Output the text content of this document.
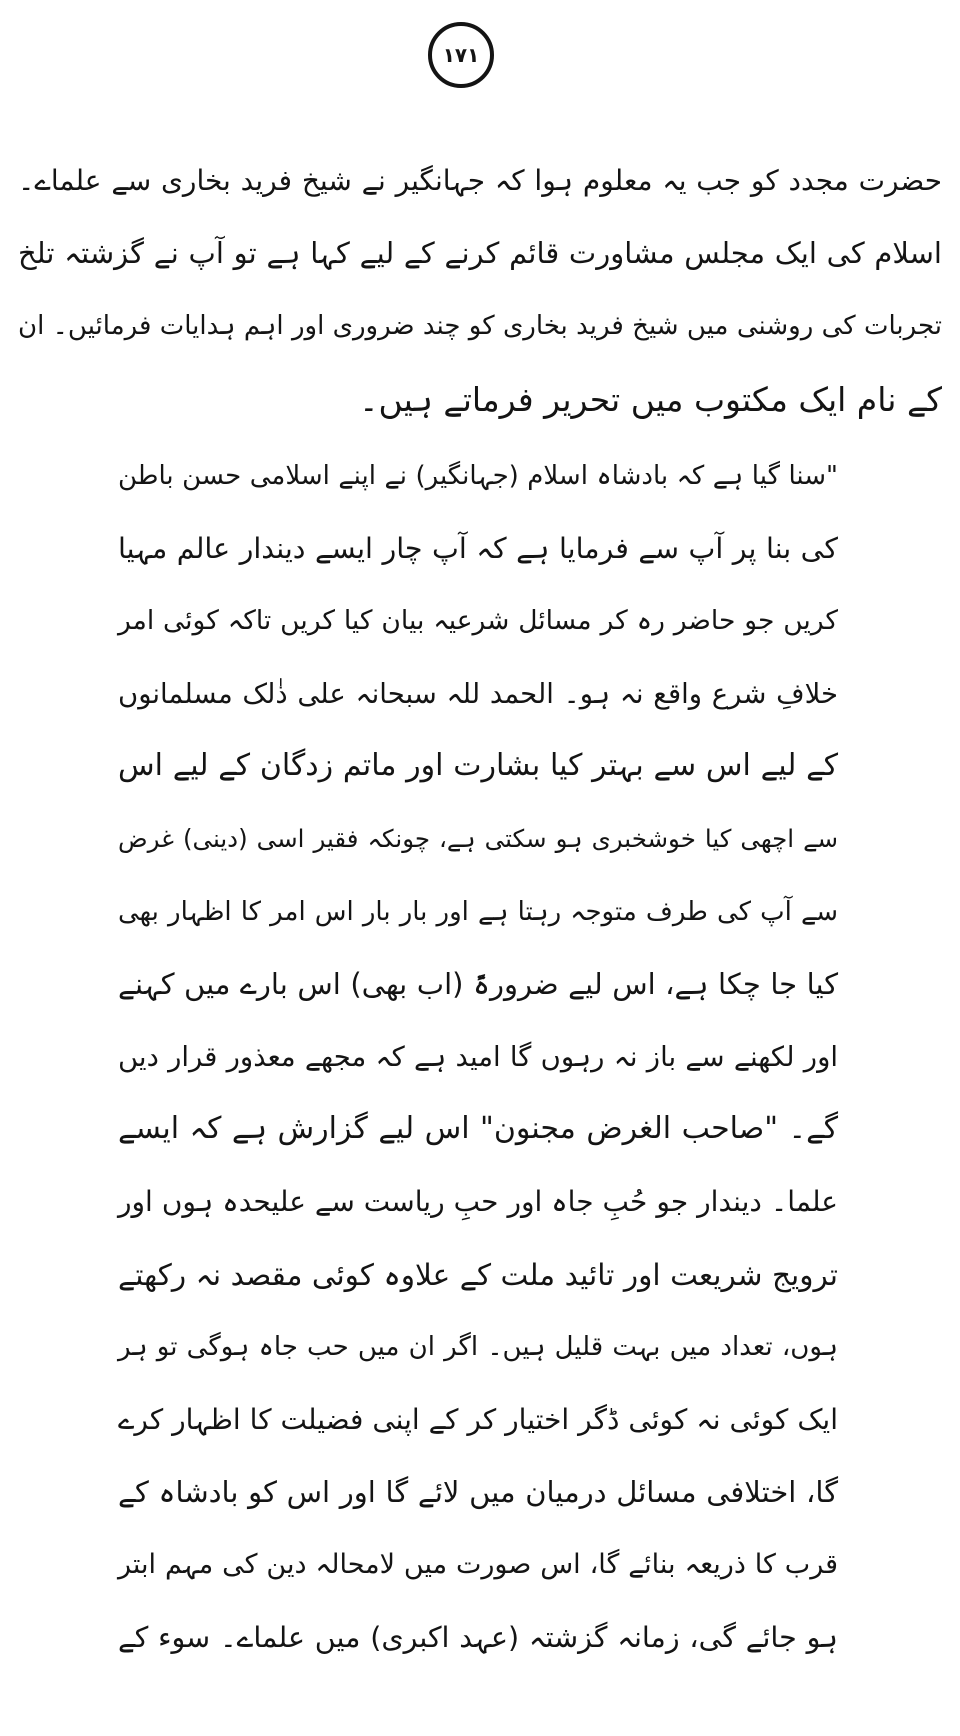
۱۷۱
حضرت مجدد کو جب یہ معلوم ہوا کہ جہانگیر نے شیخ فرید بخاری سے علماے۔
اسلام کی ایک مجلس مشاورت قائم کرنے کے لیے کہا ہے تو آپ نے گزشتہ تلخ
تجربات کی روشنی میں شیخ فرید بخاری کو چند ضروری اور اہم ہدایات فرمائیں۔ ان
کے نام ایک مکتوب میں تحریر فرماتے ہیں۔
"سنا گیا ہے کہ بادشاہ اسلام (جہانگیر) نے اپنے اسلامی حسن باطن
کی بنا پر آپ سے فرمایا ہے کہ آپ چار ایسے دیندار عالم مہیا
کریں جو حاضر رہ کر مسائل شرعیہ بیان کیا کریں تاکہ کوئی امر
خلافِ شرع واقع نہ ہو۔ الحمد للہ سبحانہ علی ذٰلک مسلمانوں
کے لیے اس سے بہتر کیا بشارت اور ماتم زدگان کے لیے اس
سے اچھی کیا خوشخبری ہو سکتی ہے، چونکہ فقیر اسی (دینی) غرض
سے آپ کی طرف متوجہ رہتا ہے اور بار بار اس امر کا اظہار بھی
کیا جا چکا ہے، اس لیے ضرورۃً (اب بھی) اس بارے میں کہنے
اور لکھنے سے باز نہ رہوں گا امید ہے کہ مجھے معذور قرار دیں
گے۔ "صاحب الغرض مجنون" اس لیے گزارش ہے کہ ایسے
علما۔ دیندار جو حُبِ جاہ اور حبِ ریاست سے علیحدہ ہوں اور
ترویج شریعت اور تائید ملت کے علاوہ کوئی مقصد نہ رکھتے
ہوں، تعداد میں بہت قلیل ہیں۔ اگر ان میں حب جاہ ہوگی تو ہر
ایک کوئی نہ کوئی ڈگر اختیار کر کے اپنی فضیلت کا اظہار کرے
گا، اختلافی مسائل درمیان میں لائے گا اور اس کو بادشاہ کے
قرب کا ذریعہ بنائے گا، اس صورت میں لامحالہ دین کی مہم ابتر
ہو جائے گی، زمانہ گزشتہ (عہد اکبری) میں علماے۔ سوء کے
